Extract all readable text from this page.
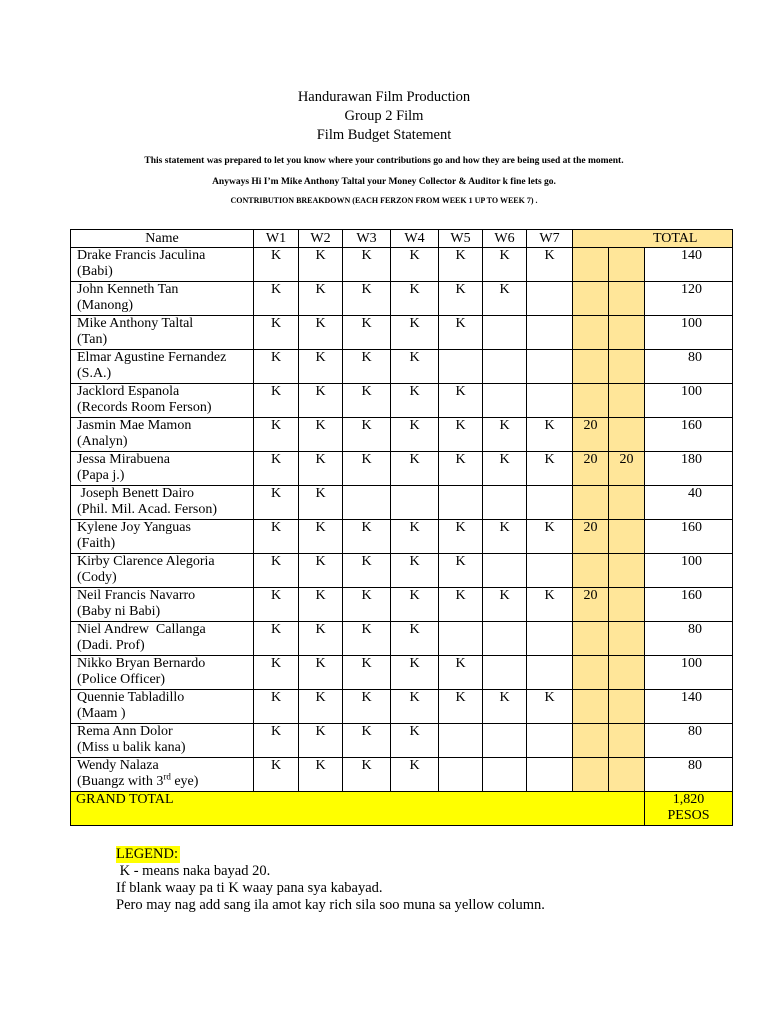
Handurawan Film Production
Group 2 Film
Film Budget Statement
This statement was prepared to let you know where your contributions go and how they are being used at the moment.
Anyways Hi I’m Mike Anthony Taltal your Money Collector & Auditor k fine lets go.
CONTRIBUTION BREAKDOWN (EACH FERZON FROM WEEK 1 UP TO WEEK 7) .
Name	W1	W2	W3	W4	W5	W6	W7			TOTAL

Drake Francis Jaculina
(Babi)	K	K	K	K	K	K	K			140

John Kenneth Tan
(Manong)	K	K	K	K	K	K				120

Mike Anthony Taltal
(Tan)	K	K	K	K	K					100

Elmar Agustine Fernandez
(S.A.)	K	K	K	K						80

Jacklord Espanola
(Records Room Ferson)	K	K	K	K	K					100

Jasmin Mae Mamon
(Analyn)	K	K	K	K	K	K	K	20		160

Jessa Mirabuena
(Papa j.)	K	K	K	K	K	K	K	20	20	180

Joseph Benett Dairo
(Phil. Mil. Acad. Ferson)	K	K								40

Kylene Joy Yanguas
(Faith)	K	K	K	K	K	K	K	20		160

Kirby Clarence Alegoria
(Cody)	K	K	K	K	K					100

Neil Francis Navarro
(Baby ni Babi)	K	K	K	K	K	K	K	20		160

Niel Andrew  Callanga
(Dadi. Prof)	K	K	K	K						80

Nikko Bryan Bernardo
(Police Officer)	K	K	K	K	K					100

Quennie Tabladillo
(Maam )	K	K	K	K	K	K	K			140

Rema Ann Dolor
(Miss u balik kana)	K	K	K	K						80

Wendy Nalaza
(Buangz with 3rd eye)	K	K	K	K						80
GRAND TOTAL										1,820
PESOS
LEGEND:
K - means naka bayad 20.
If blank waay pa ti K waay pana sya kabayad.
Pero may nag add sang ila amot kay rich sila soo muna sa yellow column.
